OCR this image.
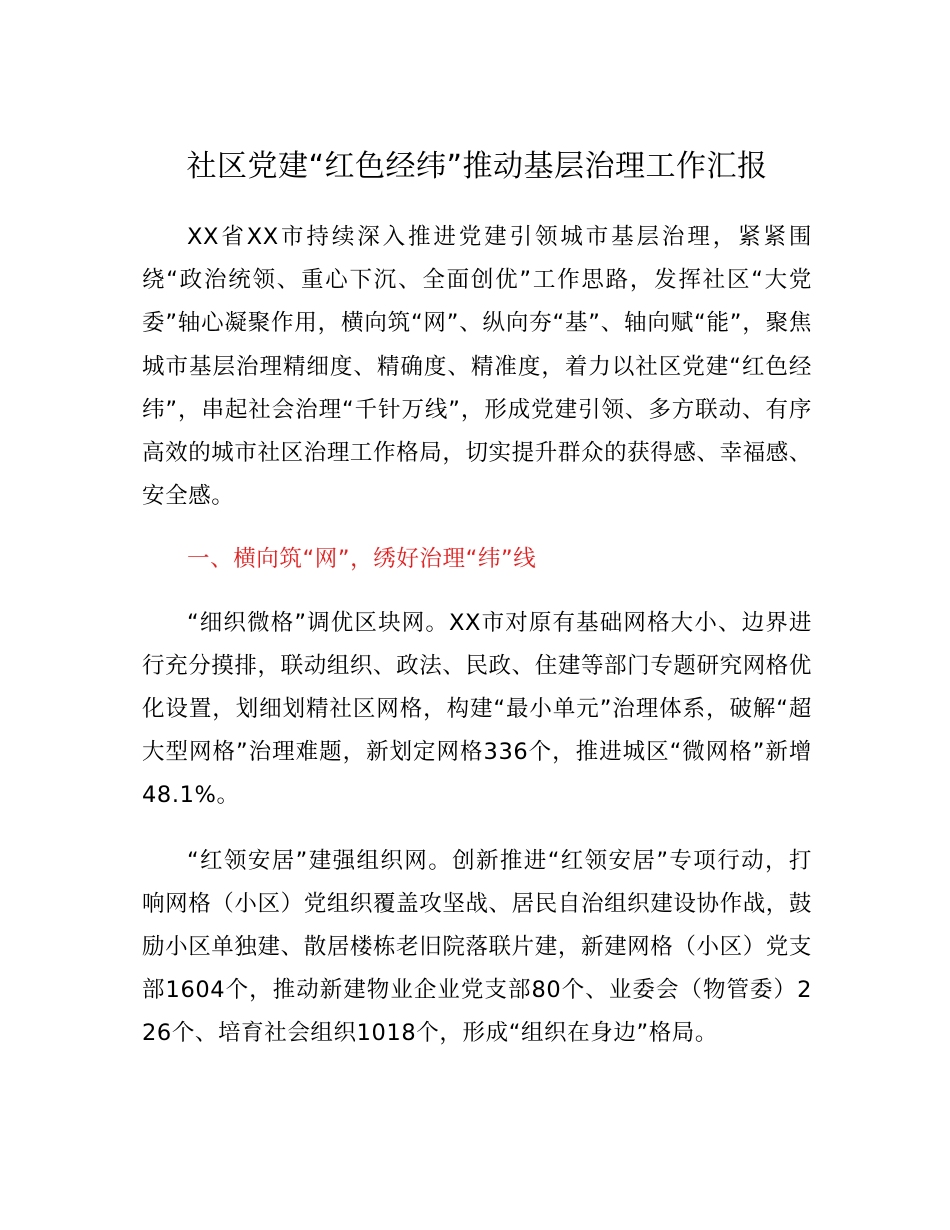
社区党建“红色经纬”推动基层治理工作汇报

XX省XX市持续深入推进党建引领城市基层治理，紧紧围绕“政治统领、重心下沉、全面创优”工作思路，发挥社区“大党委”轴心凝聚作用，横向筑“网”、纵向夯“基”、轴向赋“能”，聚焦城市基层治理精细度、精确度、精准度，着力以社区党建“红色经纬”，串起社会治理“千针万线”，形成党建引领、多方联动、有序高效的城市社区治理工作格局，切实提升群众的获得感、幸福感、安全感。

一、横向筑“网”，绣好治理“纬”线

“细织微格”调优区块网。XX市对原有基础网格大小、边界进行充分摸排，联动组织、政法、民政、住建等部门专题研究网格优化设置，划细划精社区网格，构建“最小单元”治理体系，破解“超大型网格”治理难题，新划定网格336个，推进城区“微网格”新增48.1%。

“红领安居”建强组织网。创新推进“红领安居”专项行动，打响网格（小区）党组织覆盖攻坚战、居民自治组织建设协作战，鼓励小区单独建、散居楼栋老旧院落联片建，新建网格（小区）党支部1604个，推动新建物业企业党支部80个、业委会（物管委）226个、培育社会组织1018个，形成“组织在身边”格局。
